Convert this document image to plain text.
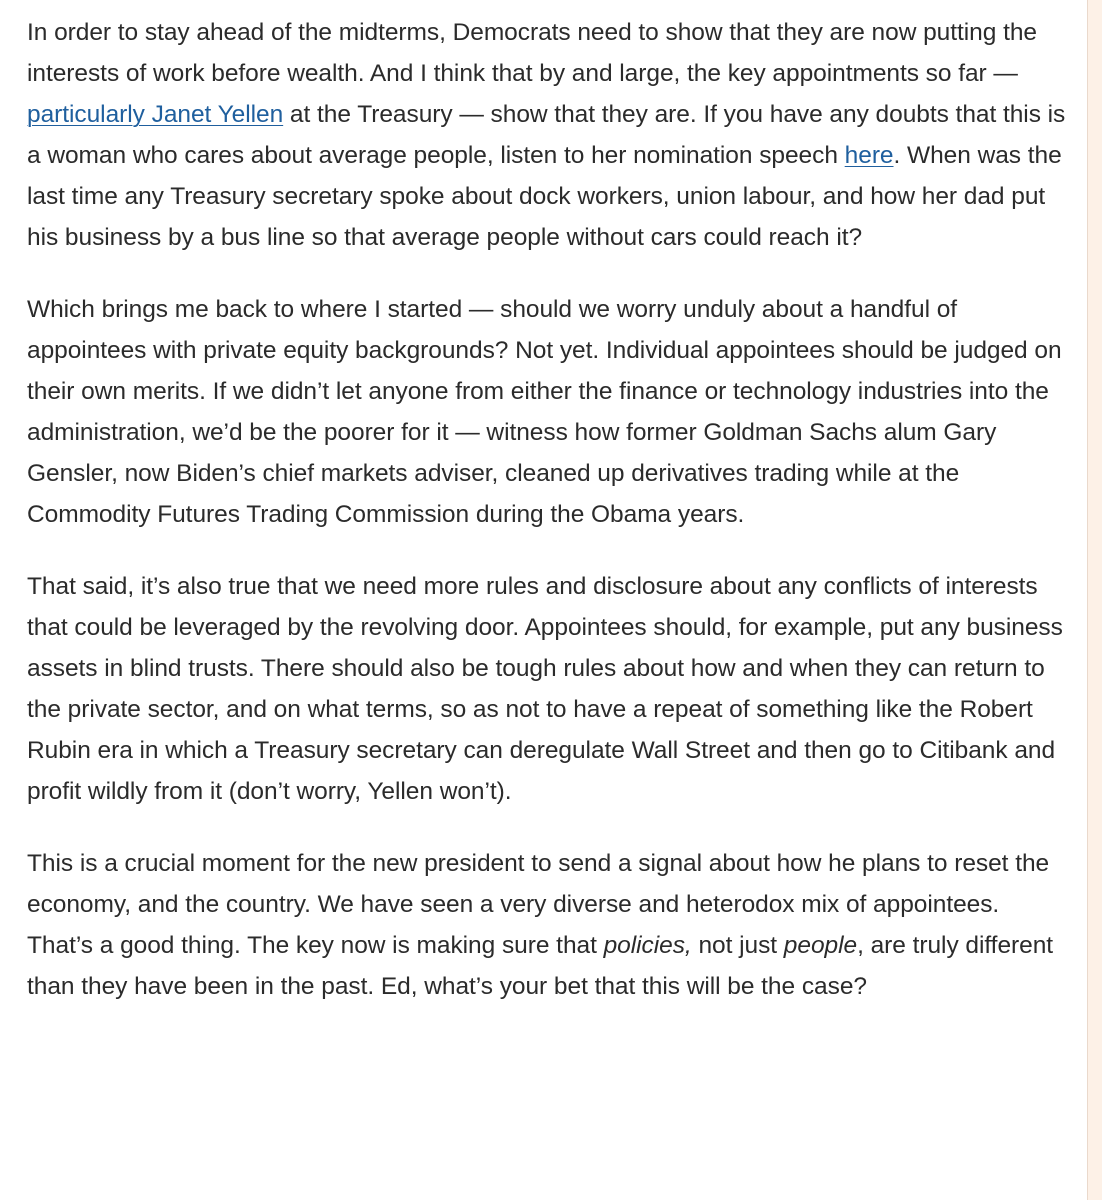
In order to stay ahead of the midterms, Democrats need to show that they are now putting the interests of work before wealth. And I think that by and large, the key appointments so far — particularly Janet Yellen at the Treasury — show that they are. If you have any doubts that this is a woman who cares about average people, listen to her nomination speech here. When was the last time any Treasury secretary spoke about dock workers, union labour, and how her dad put his business by a bus line so that average people without cars could reach it?

Which brings me back to where I started — should we worry unduly about a handful of appointees with private equity backgrounds? Not yet. Individual appointees should be judged on their own merits. If we didn’t let anyone from either the finance or technology industries into the administration, we’d be the poorer for it — witness how former Goldman Sachs alum Gary Gensler, now Biden’s chief markets adviser, cleaned up derivatives trading while at the Commodity Futures Trading Commission during the Obama years.

That said, it’s also true that we need more rules and disclosure about any conflicts of interests that could be leveraged by the revolving door. Appointees should, for example, put any business assets in blind trusts. There should also be tough rules about how and when they can return to the private sector, and on what terms, so as not to have a repeat of something like the Robert Rubin era in which a Treasury secretary can deregulate Wall Street and then go to Citibank and profit wildly from it (don’t worry, Yellen won’t).

This is a crucial moment for the new president to send a signal about how he plans to reset the economy, and the country. We have seen a very diverse and heterodox mix of appointees. That’s a good thing. The key now is making sure that policies, not just people, are truly different than they have been in the past. Ed, what’s your bet that this will be the case?
